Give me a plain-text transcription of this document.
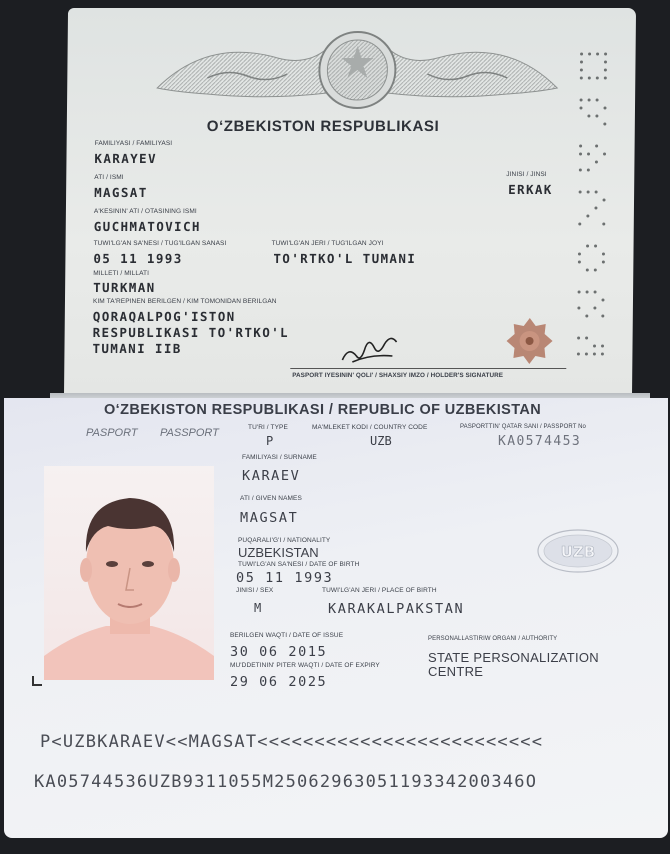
O‘ZBEKISTON RESPUBLIKASI
FAMILIYASI / FAMILIYASI
KARAYEV
ATI / ISMI
MAGSAT
JINISI / JINSI
ERKAK
A'KESININ' ATI / OTASINING ISMI
GUCHMATOVICH
TUWI'LG'AN SA'NESI / TUG'ILGAN SANASI
05 11 1993
TUWI'LG'AN JERI / TUG'ILGAN JOYI
TO'RTKO'L TUMANI
MILLETI / MILLATI
TURKMAN
KIM TA'REPINEN BERILGEN / KIM TOMONIDAN BERILGAN
QORAQALPOG'ISTON
RESPUBLIKASI TO'RTKO'L
TUMANI IIB
PASPORT IYESININ' QOLI' / SHAXSIY IMZO / HOLDER'S SIGNATURE
O‘ZBEKISTON RESPUBLIKASI / REPUBLIC OF UZBEKISTAN
PASPORT PASSPORT	TU'RI / TYPE
P
MA'MLEKET KODI / COUNTRY CODE
UZB
PASPORTTIN' QATAR SANI / PASSPORT No
KA0574453
FAMILIYASI / SURNAME
KARAEV
ATI / GIVEN NAMES
MAGSAT
PUQARALI'G'I / NATIONALITY
UZBEKISTAN
TUWI'LG'AN SA'NESI / DATE OF BIRTH
05 11 1993
JINISI / SEX
M
TUWI'LG'AN JERI / PLACE OF BIRTH
KARAKALPAKSTAN
BERILGEN WAQTI / DATE OF ISSUE
30 06 2015
MU'DDETININ' PITER WAQTI / DATE OF EXPIRY
29 06 2025
PERSONALLASTIRIW ORGANI / AUTHORITY
STATE PERSONALIZATION
CENTRE
UZB
P<UZBKARAEV<<MAGSAT<<<<<<<<<<<<<<<<<<<<<<<<<
KA05744536UZB9311055M2506296305119334200346O
